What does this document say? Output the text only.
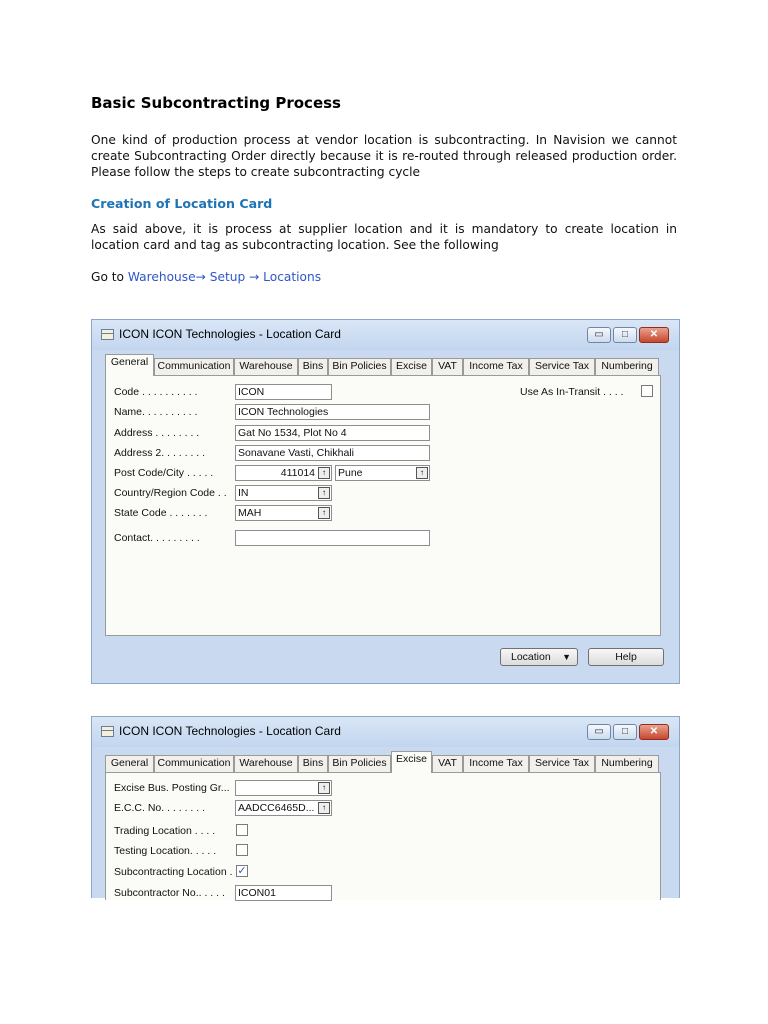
Basic Subcontracting Process
One kind of production process at vendor location is subcontracting. In Navision we cannot create Subcontracting Order directly because it is re-routed through released production order. Please follow the steps to create subcontracting cycle
Creation of Location Card
As said above, it is process at supplier location and it is mandatory to create location in location card and tag as subcontracting location. See the following
Go to Warehouse→ Setup → Locations
ICON ICON Technologies - Location Card	▭	□	✕
General Communication Warehouse Bins Bin Policies Excise	VAT	Income Tax	Service Tax	Numbering
Code . . . . . . . . . .	ICON
Name. . . . . . . . . .	ICON Technologies
Address . . . . . . . .	Gat No 1534, Plot No 4
Address 2. . . . . . . .	Sonavane Vasti, Chikhali
Post Code/City . . . . .	411014 ↑	Pune	↑
Country/Region Code . . IN	↑
State Code . . . . . . .	MAH	↑
Contact. . . . . . . . .
Use As In-Transit . . . .
Location ▼	Help
ICON ICON Technologies - Location Card	▭	□	✕
General Communication Warehouse Bins Bin Policies Excise	VAT	Income Tax	Service Tax	Numbering
Excise Bus. Posting Gr...	↑
E.C.C. No. . . . . . . .	AADCC6465D... ↑
Trading Location . . . .
Testing Location. . . . .
Subcontracting Location . ✓
Subcontractor No.. . . . . ICON01
